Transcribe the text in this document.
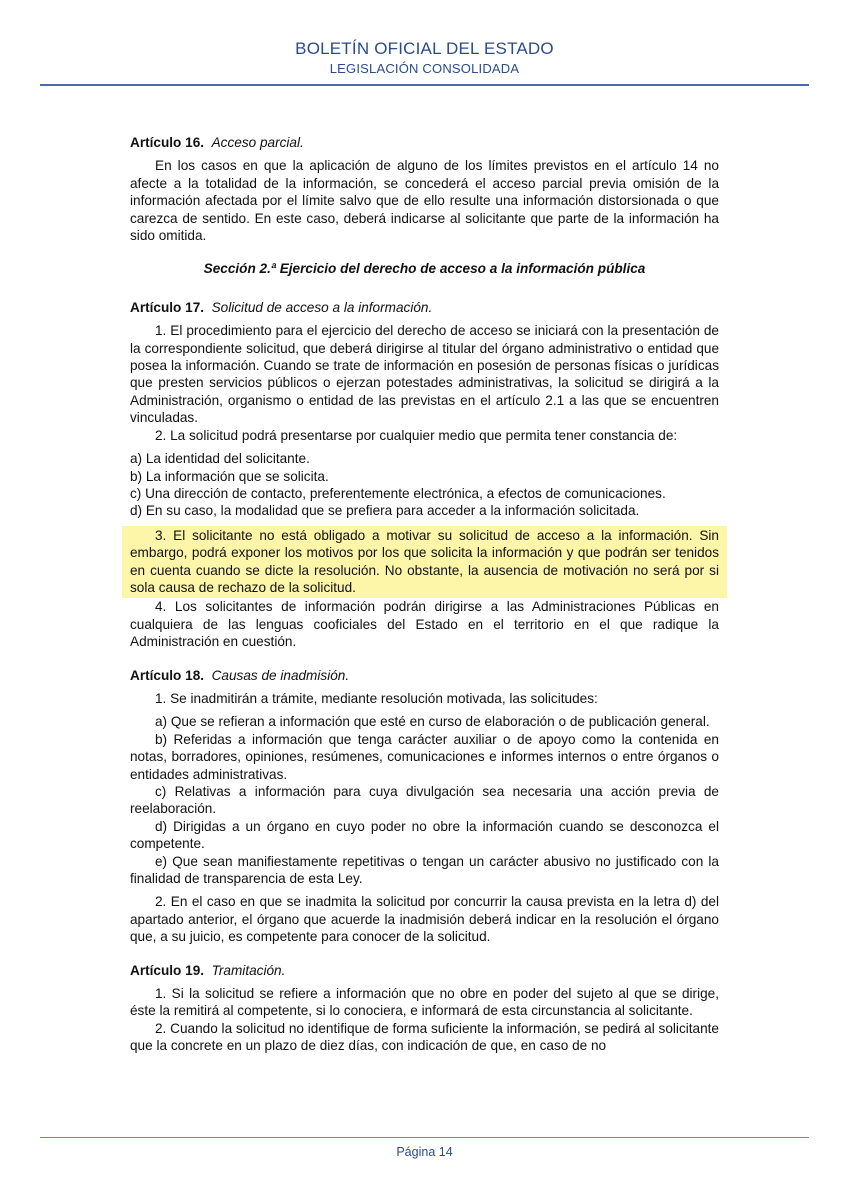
BOLETÍN OFICIAL DEL ESTADO
LEGISLACIÓN CONSOLIDADA

Artículo 16. Acceso parcial.

En los casos en que la aplicación de alguno de los límites previstos en el artículo 14 no afecte a la totalidad de la información, se concederá el acceso parcial previa omisión de la información afectada por el límite salvo que de ello resulte una información distorsionada o que carezca de sentido. En este caso, deberá indicarse al solicitante que parte de la información ha sido omitida.

Sección 2.ª Ejercicio del derecho de acceso a la información pública

Artículo 17. Solicitud de acceso a la información.

1. El procedimiento para el ejercicio del derecho de acceso se iniciará con la presentación de la correspondiente solicitud, que deberá dirigirse al titular del órgano administrativo o entidad que posea la información. Cuando se trate de información en posesión de personas físicas o jurídicas que presten servicios públicos o ejerzan potestades administrativas, la solicitud se dirigirá a la Administración, organismo o entidad de las previstas en el artículo 2.1 a las que se encuentren vinculadas.

2. La solicitud podrá presentarse por cualquier medio que permita tener constancia de:

a) La identidad del solicitante.

b) La información que se solicita.

c) Una dirección de contacto, preferentemente electrónica, a efectos de comunicaciones.

d) En su caso, la modalidad que se prefiera para acceder a la información solicitada.

3. El solicitante no está obligado a motivar su solicitud de acceso a la información. Sin embargo, podrá exponer los motivos por los que solicita la información y que podrán ser tenidos en cuenta cuando se dicte la resolución. No obstante, la ausencia de motivación no será por si sola causa de rechazo de la solicitud.

4. Los solicitantes de información podrán dirigirse a las Administraciones Públicas en cualquiera de las lenguas cooficiales del Estado en el territorio en el que radique la Administración en cuestión.

Artículo 18. Causas de inadmisión.

1. Se inadmitirán a trámite, mediante resolución motivada, las solicitudes:

a) Que se refieran a información que esté en curso de elaboración o de publicación general.

b) Referidas a información que tenga carácter auxiliar o de apoyo como la contenida en notas, borradores, opiniones, resúmenes, comunicaciones e informes internos o entre órganos o entidades administrativas.

c) Relativas a información para cuya divulgación sea necesaria una acción previa de reelaboración.

d) Dirigidas a un órgano en cuyo poder no obre la información cuando se desconozca el competente.

e) Que sean manifiestamente repetitivas o tengan un carácter abusivo no justificado con la finalidad de transparencia de esta Ley.

2. En el caso en que se inadmita la solicitud por concurrir la causa prevista en la letra d) del apartado anterior, el órgano que acuerde la inadmisión deberá indicar en la resolución el órgano que, a su juicio, es competente para conocer de la solicitud.

Artículo 19. Tramitación.

1. Si la solicitud se refiere a información que no obre en poder del sujeto al que se dirige, éste la remitirá al competente, si lo conociera, e informará de esta circunstancia al solicitante.

2. Cuando la solicitud no identifique de forma suficiente la información, se pedirá al solicitante que la concrete en un plazo de diez días, con indicación de que, en caso de no

Página 14
